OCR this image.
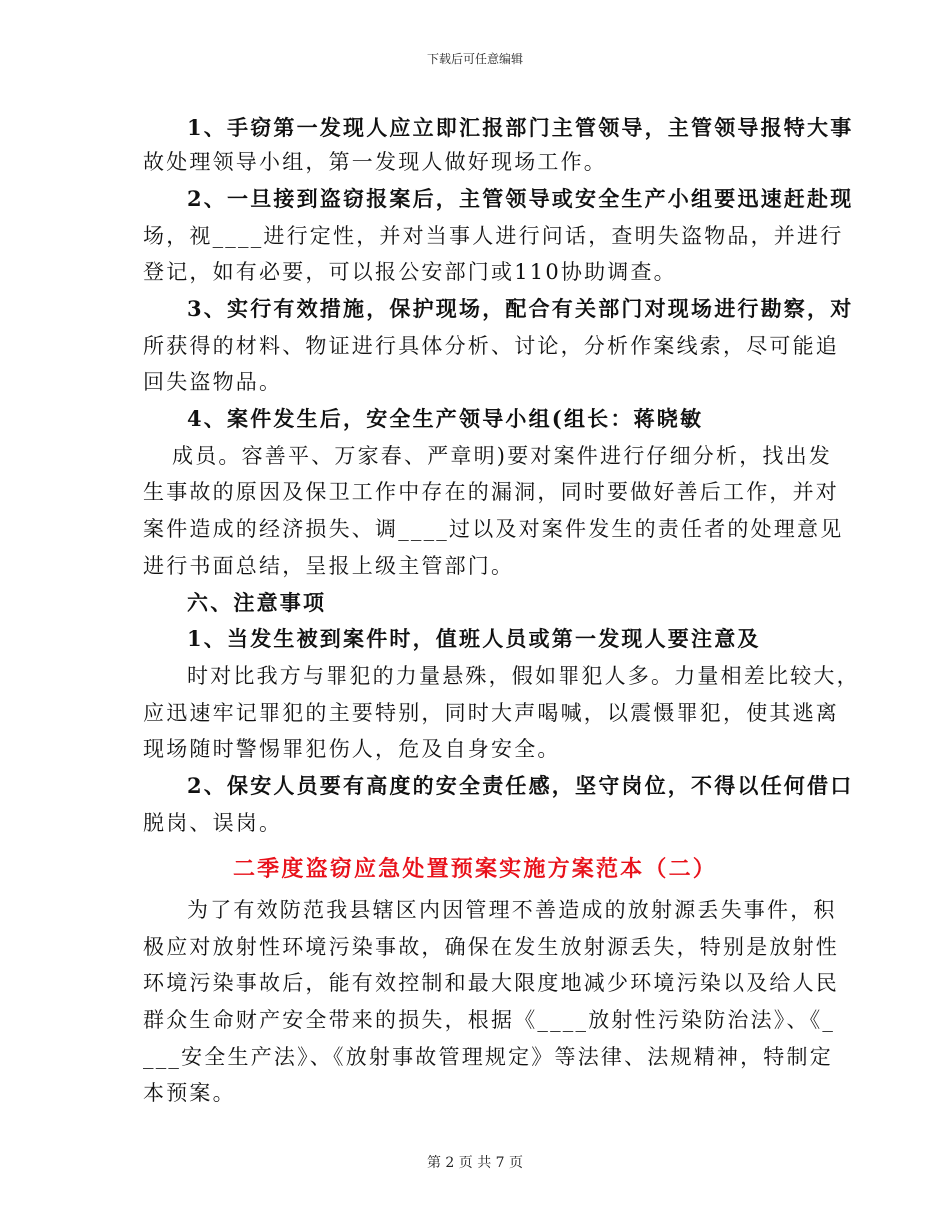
下载后可任意编辑
1、手窃第一发现人应立即汇报部门主管领导，主管领导报特大事
故处理领导小组，第一发现人做好现场工作。
2、一旦接到盗窃报案后，主管领导或安全生产小组要迅速赶赴现
场，视____进行定性，并对当事人进行问话，查明失盗物品，并进行
登记，如有必要，可以报公安部门或110协助调查。
3、实行有效措施，保护现场，配合有关部门对现场进行勘察，对
所获得的材料、物证进行具体分析、讨论，分析作案线索，尽可能追
回失盗物品。
4、案件发生后，安全生产领导小组(组长：蒋晓敏
成员。容善平、万家春、严章明)要对案件进行仔细分析，找出发
生事故的原因及保卫工作中存在的漏洞，同时要做好善后工作，并对
案件造成的经济损失、调____过以及对案件发生的责任者的处理意见
进行书面总结，呈报上级主管部门。
六、注意事项
1、当发生被到案件时，值班人员或第一发现人要注意及
时对比我方与罪犯的力量悬殊，假如罪犯人多。力量相差比较大，
应迅速牢记罪犯的主要特别，同时大声喝喊，以震慑罪犯，使其逃离
现场随时警惕罪犯伤人，危及自身安全。
2、保安人员要有高度的安全责任感，坚守岗位，不得以任何借口
脱岗、误岗。
二季度盗窃应急处置预案实施方案范本（二）
为了有效防范我县辖区内因管理不善造成的放射源丢失事件，积
极应对放射性环境污染事故，确保在发生放射源丢失，特别是放射性
环境污染事故后，能有效控制和最大限度地减少环境污染以及给人民
群众生命财产安全带来的损失，根据《____放射性污染防治法》、《_
___安全生产法》、《放射事故管理规定》等法律、法规精神，特制定
本预案。
第 2 页 共 7 页
